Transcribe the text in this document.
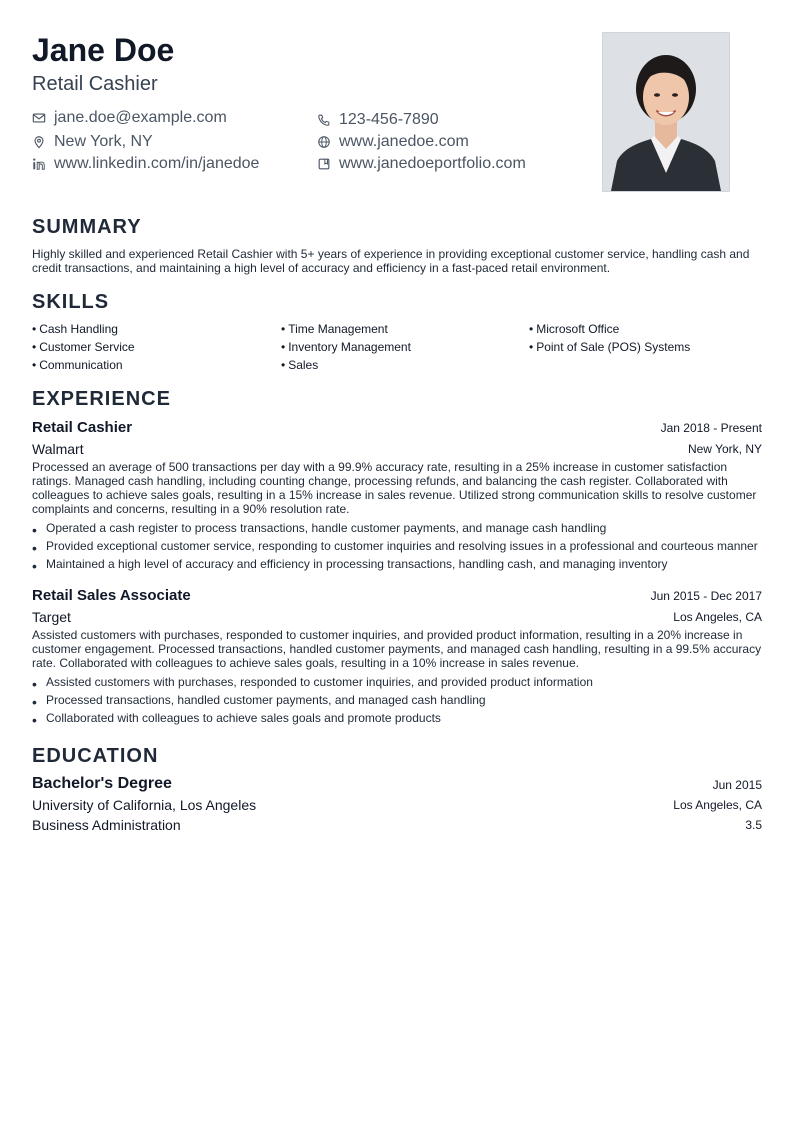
Jane Doe
Retail Cashier
jane.doe@example.com	123-456-7890
New York, NY	www.janedoe.com
www.linkedin.com/in/janedoe	www.janedoeportfolio.com
SUMMARY
Highly skilled and experienced Retail Cashier with 5+ years of experience in providing exceptional customer service, handling cash and credit transactions, and maintaining a high level of accuracy and efficiency in a fast-paced retail environment.
SKILLS
• Cash Handling	• Time Management	• Microsoft Office
• Customer Service	• Inventory Management	• Point of Sale (POS) Systems
• Communication	• Sales
EXPERIENCE
Retail Cashier	Jan 2018 - Present
Walmart	New York, NY
Processed an average of 500 transactions per day with a 99.9% accuracy rate, resulting in a 25% increase in customer satisfaction ratings. Managed cash handling, including counting change, processing refunds, and balancing the cash register. Collaborated with colleagues to achieve sales goals, resulting in a 15% increase in sales revenue. Utilized strong communication skills to resolve customer complaints and concerns, resulting in a 90% resolution rate.
• Operated a cash register to process transactions, handle customer payments, and manage cash handling
• Provided exceptional customer service, responding to customer inquiries and resolving issues in a professional and courteous manner
• Maintained a high level of accuracy and efficiency in processing transactions, handling cash, and managing inventory
Retail Sales Associate	Jun 2015 - Dec 2017
Target	Los Angeles, CA
Assisted customers with purchases, responded to customer inquiries, and provided product information, resulting in a 20% increase in customer engagement. Processed transactions, handled customer payments, and managed cash handling, resulting in a 99.5% accuracy rate. Collaborated with colleagues to achieve sales goals, resulting in a 10% increase in sales revenue.
• Assisted customers with purchases, responded to customer inquiries, and provided product information
• Processed transactions, handled customer payments, and managed cash handling
• Collaborated with colleagues to achieve sales goals and promote products
EDUCATION
Bachelor's Degree	Jun 2015
University of California, Los Angeles	Los Angeles, CA
Business Administration	3.5
